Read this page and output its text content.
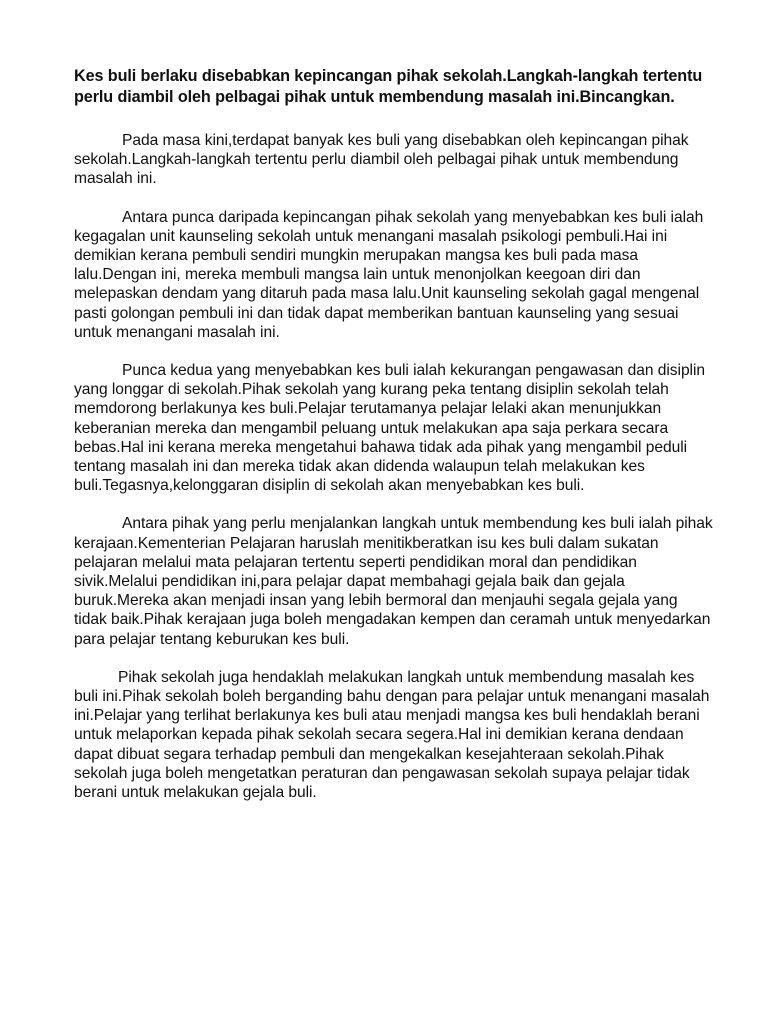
Kes buli berlaku disebabkan kepincangan pihak sekolah.Langkah-langkah tertentu perlu diambil oleh pelbagai pihak untuk membendung masalah ini.Bincangkan.

Pada masa kini,terdapat banyak kes buli yang disebabkan oleh kepincangan pihak sekolah.Langkah-langkah tertentu perlu diambil oleh pelbagai pihak untuk membendung masalah ini.

Antara punca daripada kepincangan pihak sekolah yang menyebabkan kes buli ialah kegagalan unit kaunseling sekolah untuk menangani masalah psikologi pembuli.Hai ini demikian kerana pembuli sendiri mungkin merupakan mangsa kes buli pada masa lalu.Dengan ini, mereka membuli mangsa lain untuk menonjolkan keegoan diri dan melepaskan dendam yang ditaruh pada masa lalu.Unit kaunseling sekolah gagal mengenal pasti golongan pembuli ini dan tidak dapat memberikan bantuan kaunseling yang sesuai untuk menangani masalah ini.

Punca kedua yang menyebabkan kes buli ialah kekurangan pengawasan dan disiplin yang longgar di sekolah.Pihak sekolah yang kurang peka tentang disiplin sekolah telah memdorong berlakunya kes buli.Pelajar terutamanya pelajar lelaki akan menunjukkan keberanian mereka dan mengambil peluang untuk melakukan apa saja perkara secara bebas.Hal ini kerana mereka mengetahui bahawa tidak ada pihak yang mengambil peduli tentang masalah ini dan mereka tidak akan didenda walaupun telah melakukan kes buli.Tegasnya,kelonggaran disiplin di sekolah akan menyebabkan kes buli.

Antara pihak yang perlu menjalankan langkah untuk membendung kes buli ialah pihak kerajaan.Kementerian Pelajaran haruslah menitikberatkan isu kes buli dalam sukatan pelajaran melalui mata pelajaran tertentu seperti pendidikan moral dan pendidikan sivik.Melalui pendidikan ini,para pelajar dapat membahagi gejala baik dan gejala buruk.Mereka akan menjadi insan yang lebih bermoral dan menjauhi segala gejala yang tidak baik.Pihak kerajaan juga boleh mengadakan kempen dan ceramah untuk menyedarkan para pelajar tentang keburukan kes buli.

Pihak sekolah juga hendaklah melakukan langkah untuk membendung masalah kes buli ini.Pihak sekolah boleh berganding bahu dengan para pelajar untuk menangani masalah ini.Pelajar yang terlihat berlakunya kes buli atau menjadi mangsa kes buli hendaklah berani untuk melaporkan kepada pihak sekolah secara segera.Hal ini demikian kerana dendaan dapat dibuat segara terhadap pembuli dan mengekalkan kesejahteraan sekolah.Pihak sekolah juga boleh mengetatkan peraturan dan pengawasan sekolah supaya pelajar tidak berani untuk melakukan gejala buli.
